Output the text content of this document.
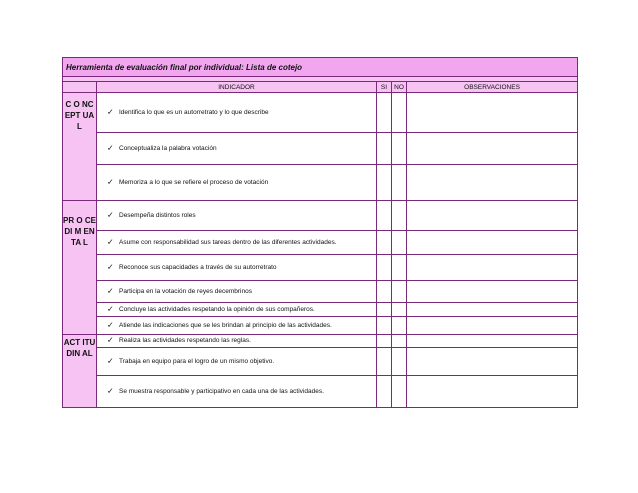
Herramienta de evaluación final por individual: Lista de cotejo				

	INDICADOR	SI	NO	OBSERVACIONES
C O NC EPT UA L	✓ Identifica lo que es un autorretrato y lo que describe			

	✓ Conceptualiza la palabra votación			

	✓ Memoriza a lo que se refiere el proceso de votación			
PR O CE DI M EN TA L	✓ Desempeña distintos roles			

	✓ Asume con responsabilidad sus tareas dentro de las diferentes actividades.			

	✓ Reconoce sus capacidades a través de su autorretrato			

	✓ Participa en la votación de reyes decembrinos			

	✓ Concluye las actividades respetando la opinión de sus compañeros.			

	✓ Atiende las indicaciones que se les brindan al principio de las actividades.			
ACT ITU DIN AL	✓ Realiza las actividades respetando las reglas.			

	✓ Trabaja en equipo para el logro de un mismo objetivo.			

	✓ Se muestra responsable y participativo en cada una de las actividades.			
